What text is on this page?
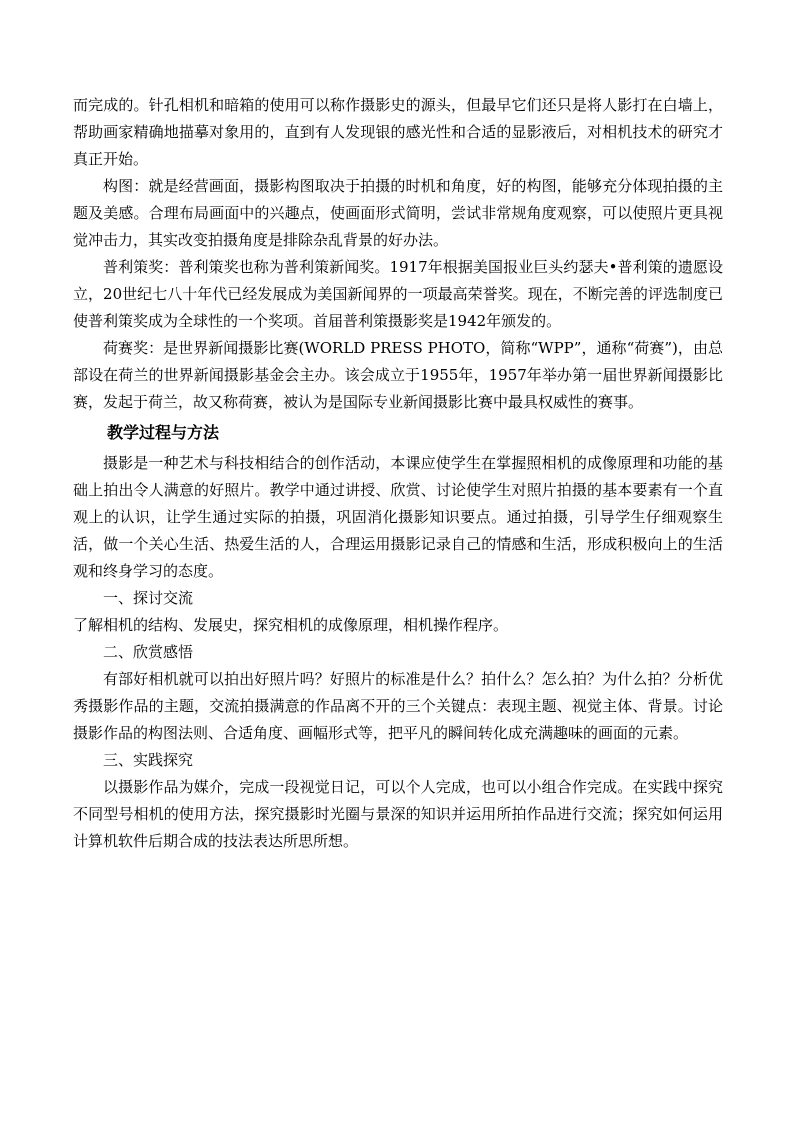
而完成的。针孔相机和暗箱的使用可以称作摄影史的源头，但最早它们还只是将人影打在白墙上，帮助画家精确地描摹对象用的，直到有人发现银的感光性和合适的显影液后，对相机技术的研究才真正开始。

构图：就是经营画面，摄影构图取决于拍摄的时机和角度，好的构图，能够充分体现拍摄的主题及美感。合理布局画面中的兴趣点，使画面形式简明，尝试非常规角度观察，可以使照片更具视觉冲击力，其实改变拍摄角度是排除杂乱背景的好办法。

普利策奖：普利策奖也称为普利策新闻奖。1917年根据美国报业巨头约瑟夫•普利策的遗愿设立，20世纪七八十年代已经发展成为美国新闻界的一项最高荣誉奖。现在，不断完善的评选制度已使普利策奖成为全球性的一个奖项。首届普利策摄影奖是1942年颁发的。

荷赛奖：是世界新闻摄影比赛(WORLD PRESS PHOTO，简称“WPP”，通称“荷赛”)，由总部设在荷兰的世界新闻摄影基金会主办。该会成立于1955年，1957年举办第一届世界新闻摄影比赛，发起于荷兰，故又称荷赛，被认为是国际专业新闻摄影比赛中最具权威性的赛事。

教学过程与方法

摄影是一种艺术与科技相结合的创作活动，本课应使学生在掌握照相机的成像原理和功能的基础上拍出令人满意的好照片。教学中通过讲授、欣赏、讨论使学生对照片拍摄的基本要素有一个直观上的认识，让学生通过实际的拍摄，巩固消化摄影知识要点。通过拍摄，引导学生仔细观察生活，做一个关心生活、热爱生活的人，合理运用摄影记录自己的情感和生活，形成积极向上的生活观和终身学习的态度。

一、探讨交流

了解相机的结构、发展史，探究相机的成像原理，相机操作程序。

二、欣赏感悟

有部好相机就可以拍出好照片吗？好照片的标准是什么？拍什么？怎么拍？为什么拍？分析优秀摄影作品的主题，交流拍摄满意的作品离不开的三个关键点：表现主题、视觉主体、背景。讨论摄影作品的构图法则、合适角度、画幅形式等，把平凡的瞬间转化成充满趣味的画面的元素。

三、实践探究

以摄影作品为媒介，完成一段视觉日记，可以个人完成，也可以小组合作完成。在实践中探究不同型号相机的使用方法，探究摄影时光圈与景深的知识并运用所拍作品进行交流；探究如何运用计算机软件后期合成的技法表达所思所想。
